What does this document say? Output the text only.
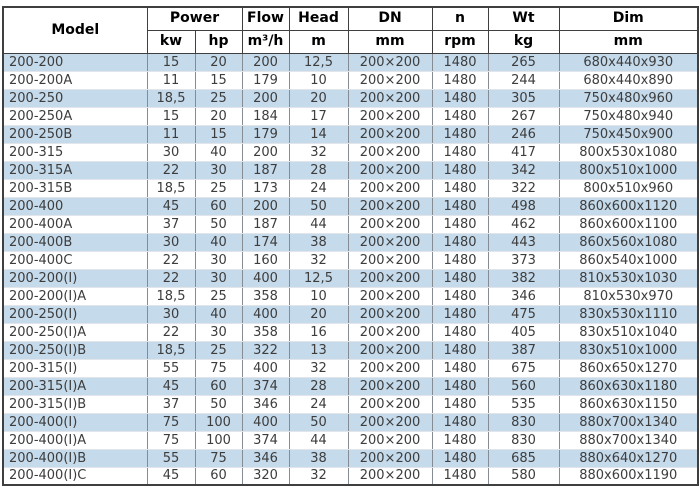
Model	Power		Flow	Head	DN	n	Wt	Dim
	kw	hp	m³/h	m	mm	rpm	kg	mm
200-200	15	20	200	12,5	200×200	1480	265	680x440x930
200-200A	11	15	179	10	200×200	1480	244	680x440x890
200-250	18,5	25	200	20	200×200	1480	305	750x480x960
200-250A	15	20	184	17	200×200	1480	267	750x480x940
200-250B	11	15	179	14	200×200	1480	246	750x450x900
200-315	30	40	200	32	200×200	1480	417	800x530x1080
200-315A	22	30	187	28	200×200	1480	342	800x510x1000
200-315B	18,5	25	173	24	200×200	1480	322	800x510x960
200-400	45	60	200	50	200×200	1480	498	860x600x1120
200-400A	37	50	187	44	200×200	1480	462	860x600x1100
200-400B	30	40	174	38	200×200	1480	443	860x560x1080
200-400C	22	30	160	32	200×200	1480	373	860x540x1000
200-200(I)	22	30	400	12,5	200×200	1480	382	810x530x1030
200-200(I)A	18,5	25	358	10	200×200	1480	346	810x530x970
200-250(I)	30	40	400	20	200×200	1480	475	830x530x1110
200-250(I)A	22	30	358	16	200×200	1480	405	830x510x1040
200-250(I)B	18,5	25	322	13	200×200	1480	387	830x510x1000
200-315(I)	55	75	400	32	200×200	1480	675	860x650x1270
200-315(I)A	45	60	374	28	200×200	1480	560	860x630x1180
200-315(I)B	37	50	346	24	200×200	1480	535	860x630x1150
200-400(I)	75	100	400	50	200×200	1480	830	880x700x1340
200-400(I)A	75	100	374	44	200×200	1480	830	880x700x1340
200-400(I)B	55	75	346	38	200×200	1480	685	880x640x1270
200-400(I)C	45	60	320	32	200×200	1480	580	880x600x1190
